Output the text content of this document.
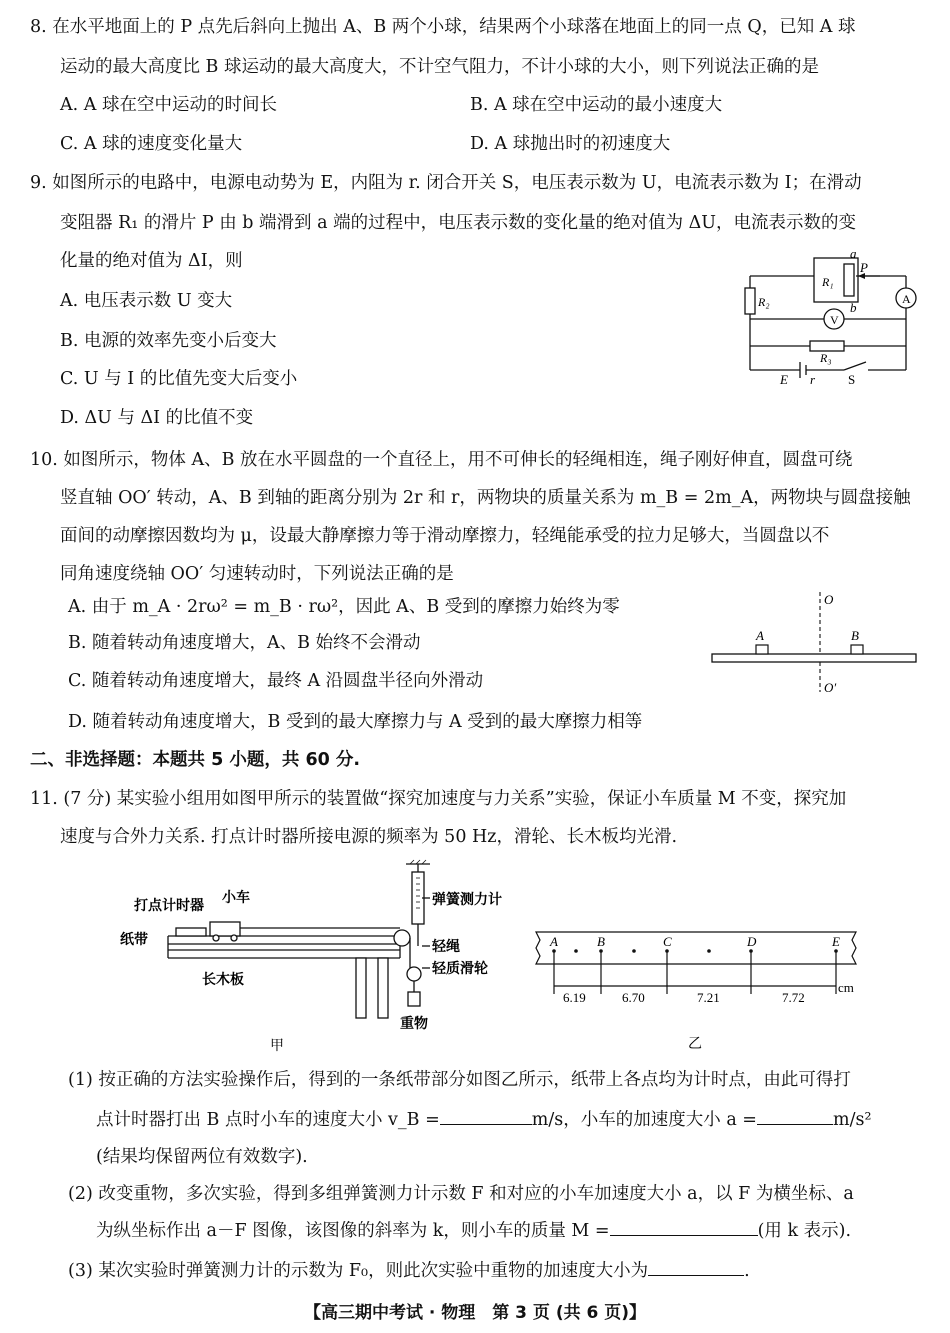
8. 在水平地面上的 P 点先后斜向上抛出 A、B 两个小球，结果两个小球落在地面上的同一点 Q，已知 A 球
运动的最大高度比 B 球运动的最大高度大，不计空气阻力，不计小球的大小，则下列说法正确的是
A. A 球在空中运动的时间长	B. A 球在空中运动的最小速度大
C. A 球的速度变化量大	D. A 球抛出时的初速度大
9. 如图所示的电路中，电源电动势为 E，内阻为 r. 闭合开关 S，电压表示数为 U，电流表示数为 I；在滑动
变阻器 R₁ 的滑片 P 由 b 端滑到 a 端的过程中，电压表示数的变化量的绝对值为 ΔU，电流表示数的变
化量的绝对值为 ΔI，则
A. 电压表示数 U 变大
B. 电源的效率先变小后变大
C. U 与 I 的比值先变大后变小
D. ΔU 与 ΔI 的比值不变
a
P
R₁
R₂
R₃
b
A
V
E r	S
10. 如图所示，物体 A、B 放在水平圆盘的一个直径上，用不可伸长的轻绳相连，绳子刚好伸直，圆盘可绕
竖直轴 OO′ 转动，A、B 到轴的距离分别为 2r 和 r，两物块的质量关系为 m_B = 2m_A，两物块与圆盘接触
面间的动摩擦因数均为 μ，设最大静摩擦力等于滑动摩擦力，轻绳能承受的拉力足够大，当圆盘以不
同角速度绕轴 OO′ 匀速转动时，下列说法正确的是
A. 由于 m_A · 2rω² = m_B · rω²，因此 A、B 受到的摩擦力始终为零
B. 随着转动角速度增大，A、B 始终不会滑动
C. 随着转动角速度增大，最终 A 沿圆盘半径向外滑动
D. 随着转动角速度增大，B 受到的最大摩擦力与 A 受到的最大摩擦力相等
O
O′
A	B
二、非选择题：本题共 5 小题，共 60 分.
11. (7 分) 某实验小组用如图甲所示的装置做“探究加速度与力关系”实验，保证小车质量 M 不变，探究加
速度与合外力关系. 打点计时器所接电源的频率为 50 Hz，滑轮、长木板均光滑.
打点计时器 小车
纸带
长木板
弹簧测力计
轻绳
轻质滑轮
重物
甲
A	B	C	D	E
6.19	6.70	7.21	7.72
cm
乙
(1) 按正确的方法实验操作后，得到的一条纸带部分如图乙所示，纸带上各点均为计时点，由此可得打
点计时器打出 B 点时小车的速度大小 v_B =	m/s，小车的加速度大小 a =	m/s²
(结果均保留两位有效数字).
(2) 改变重物，多次实验，得到多组弹簧测力计示数 F 和对应的小车加速度大小 a，以 F 为横坐标、a
为纵坐标作出 a－F 图像，该图像的斜率为 k，则小车的质量 M =	(用 k 表示).
(3) 某次实验时弹簧测力计的示数为 F₀，则此次实验中重物的加速度大小为	.
【高三期中考试 · 物理　第 3 页 (共 6 页)】
